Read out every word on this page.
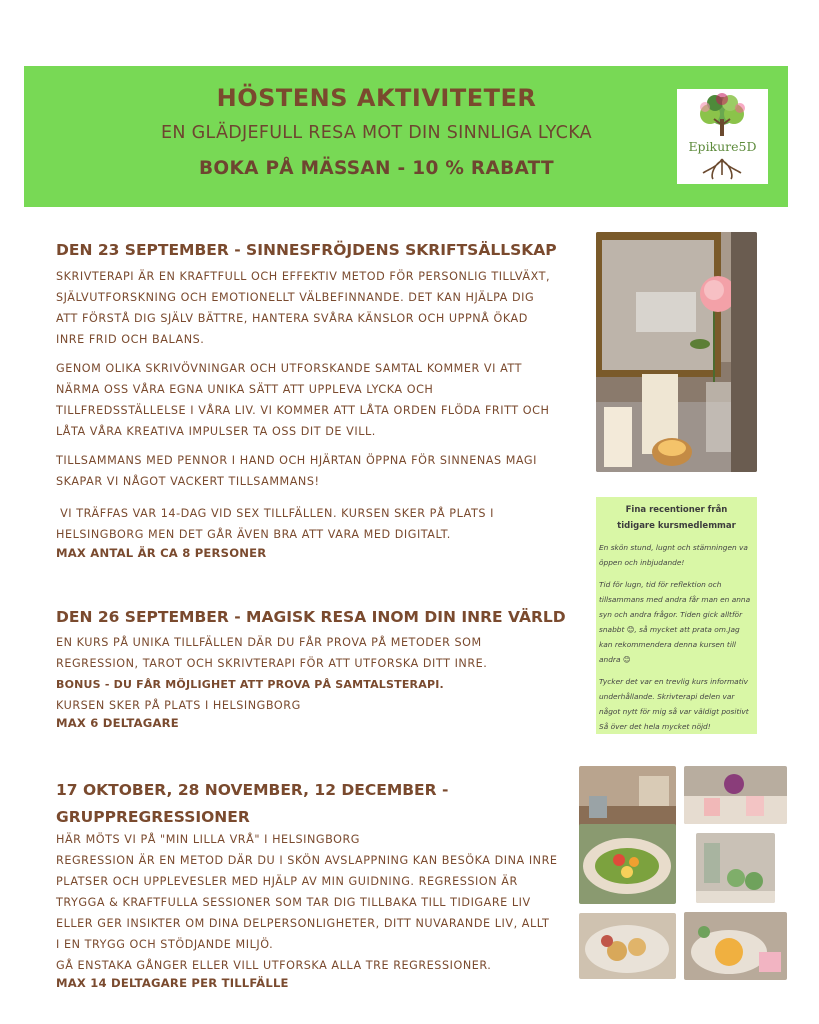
HÖSTENS AKTIVITETER
EN GLÄDJEFULL RESA MOT DIN SINNLIGA LYCKA
BOKA PÅ MÄSSAN - 10 % RABATT
Epikure5D
DEN 23 SEPTEMBER - SINNESFRÖJDENS SKRIFTSÄLLSKAP

SKRIVTERAPI ÄR EN KRAFTFULL OCH EFFEKTIV METOD FÖR PERSONLIG TILLVÄXT,

SJÄLVUTFORSKNING OCH EMOTIONELLT VÄLBEFINNANDE. DET KAN HJÄLPA DIG

ATT FÖRSTÅ DIG SJÄLV BÄTTRE, HANTERA SVÅRA KÄNSLOR OCH UPPNÅ ÖKAD

INRE FRID OCH BALANS.

GENOM OLIKA SKRIVÖVNINGAR OCH UTFORSKANDE SAMTAL KOMMER VI ATT

NÄRMA OSS VÅRA EGNA UNIKA SÄTT ATT UPPLEVA LYCKA OCH

TILLFREDSSTÄLLELSE I VÅRA LIV. VI KOMMER ATT LÅTA ORDEN FLÖDA FRITT OCH

LÅTA VÅRA KREATIVA IMPULSER TA OSS DIT DE VILL.

TILLSAMMANS MED PENNOR I HAND OCH HJÄRTAN ÖPPNA FÖR SINNENAS MAGI

SKAPAR VI NÅGOT VACKERT TILLSAMMANS!

VI TRÄFFAS VAR 14-DAG VID SEX TILLFÄLLEN. KURSEN SKER PÅ PLATS I

HELSINGBORG MEN DET GÅR ÄVEN BRA ATT VARA MED DIGITALT.

MAX ANTAL ÄR CA 8 PERSONER

Fina recentioner från
tidigare kursmedlemmar
En skön stund, lugnt och stämningen va
öppen och inbjudande!
Tid för lugn, tid för reflektion och
tillsammans med andra får man en anna
syn och andra frågor. Tiden gick alltför
snabbt 😊, så mycket att prata om.Jag
kan rekommendera denna kursen till
andra 😊
Tycker det var en trevlig kurs informativ
underhållande. Skrivterapi delen var
något nytt för mig så var väldigt positivt
Så över det hela mycket nöjd!
DEN 26 SEPTEMBER - MAGISK RESA INOM DIN INRE VÄRLD

EN KURS PÅ UNIKA TILLFÄLLEN DÄR DU FÅR PROVA PÅ METODER SOM

REGRESSION, TAROT OCH SKRIVTERAPI FÖR ATT UTFORSKA DITT INRE.

BONUS - DU FÅR MÖJLIGHET ATT PROVA PÅ SAMTALSTERAPI.

KURSEN SKER PÅ PLATS I HELSINGBORG

MAX 6 DELTAGARE

17 OKTOBER, 28 NOVEMBER, 12 DECEMBER -
GRUPPREGRESSIONER

HÄR MÖTS VI PÅ "MIN LILLA VRÅ" I HELSINGBORG

REGRESSION ÄR EN METOD DÄR DU I SKÖN AVSLAPPNING KAN BESÖKA DINA INRE

PLATSER OCH UPPLEVESLER MED HJÄLP AV MIN GUIDNING. REGRESSION ÄR

TRYGGA & KRAFTFULLA SESSIONER SOM TAR DIG TILLBAKA TILL TIDIGARE LIV

ELLER GER INSIKTER OM DINA DELPERSONLIGHETER, DITT NUVARANDE LIV, ALLT

I EN TRYGG OCH STÖDJANDE MILJÖ.

GÅ ENSTAKA GÅNGER ELLER VILL UTFORSKA ALLA TRE REGRESSIONER.

MAX 14 DELTAGARE PER TILLFÄLLE
